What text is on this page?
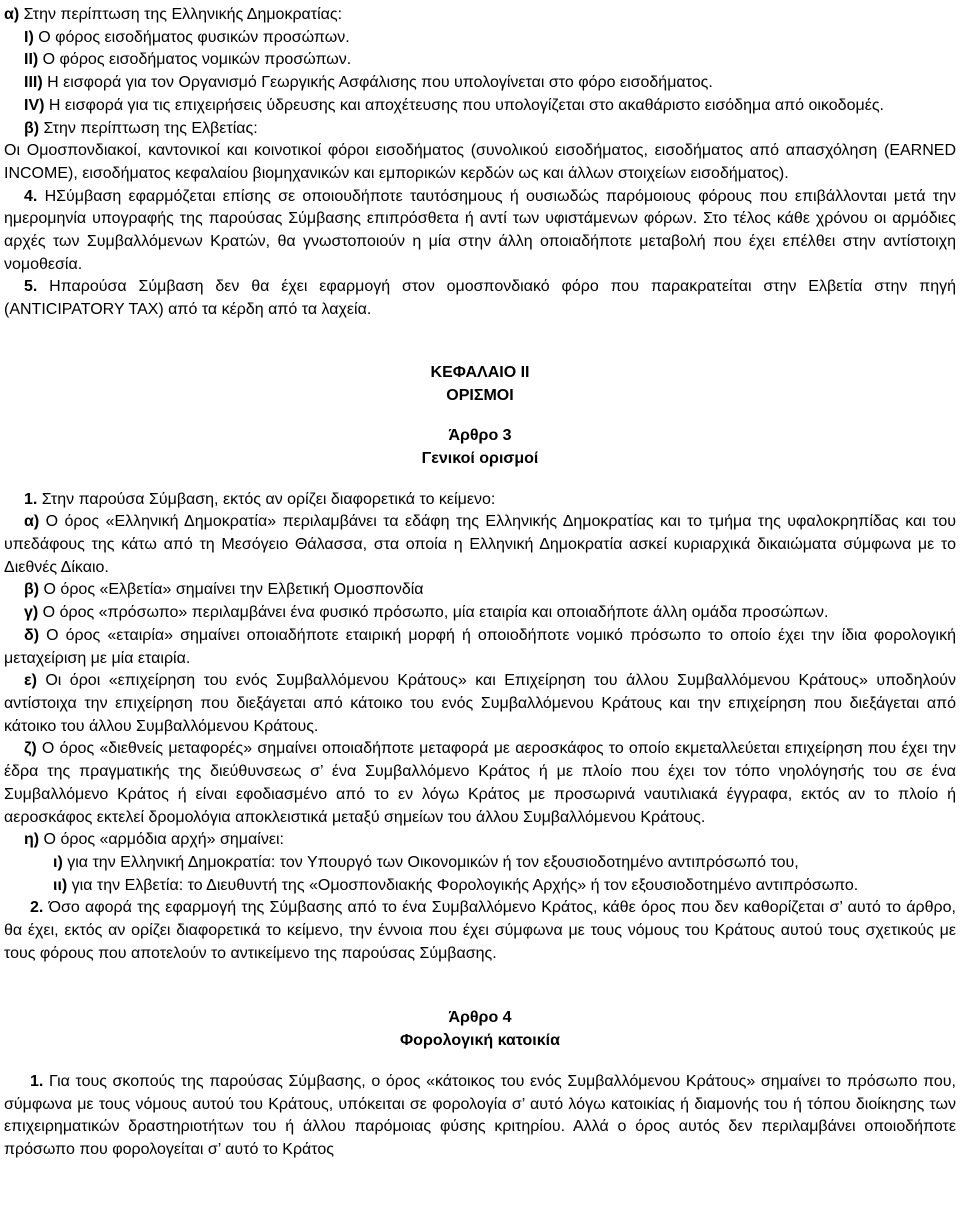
α) Στην περίπτωση της Ελληνικής Δημοκρατίας:

I) Ο φόρος εισοδήματος φυσικών προσώπων.

II) Ο φόρος εισοδήματος νομικών προσώπων.

III) Η εισφορά για τον Οργανισμό Γεωργικής Ασφάλισης που υπολογίνεται στο φόρο εισοδήματος.

IV) Η εισφορά για τις επιχειρήσεις ύδρευσης και αποχέτευσης που υπολογίζεται στο ακαθάριστο εισόδημα από οικοδομές.

β) Στην περίπτωση της Ελβετίας:

Οι Ομοσπονδιακοί, καντονικοί και κοινοτικοί φόροι εισοδήματος (συνολικού εισοδήματος, εισοδήματος από απασχόληση (EARNED INCOME), εισοδήματος κεφαλαίου βιομηχανικών και εμπορικών κερδών ως και άλλων στοιχείων εισοδήματος).

4. ΗΣύμβαση εφαρμόζεται επίσης σε οποιουδήποτε ταυτόσημους ή ουσιωδώς παρόμοιους φόρους που επιβάλλονται μετά την ημερομηνία υπογραφής της παρούσας Σύμβασης επιπρόσθετα ή αντί των υφιστάμενων φόρων. Στο τέλος κάθε χρόνου οι αρμόδιες αρχές των Συμβαλλόμενων Κρατών, θα γνωστοποιούν η μία στην άλλη οποιαδήποτε μεταβολή που έχει επέλθει στην αντίστοιχη νομοθεσία.

5. Ηπαρούσα Σύμβαση δεν θα έχει εφαρμογή στον ομοσπονδιακό φόρο που παρακρατείται στην Ελβετία στην πηγή (ANTICIPATORY TAX) από τα κέρδη από τα λαχεία.

ΚΕΦΑΛΑΙΟ ΙΙ

ΟΡΙΣΜΟΙ

Άρθρο 3

Γενικοί ορισμοί

1. Στην παρούσα Σύμβαση, εκτός αν ορίζει διαφορετικά το κείμενο:

α) Ο όρος «Ελληνική Δημοκρατία» περιλαμβάνει τα εδάφη της Ελληνικής Δημοκρατίας και το τμήμα της υφαλοκρηπίδας και του υπεδάφους της κάτω από τη Μεσόγειο Θάλασσα, στα οποία η Ελληνική Δημοκρατία ασκεί κυριαρχικά δικαιώματα σύμφωνα με το Διεθνές Δίκαιο.

β) Ο όρος «Ελβετία» σημαίνει την Ελβετική Ομοσπονδία

γ) Ο όρος «πρόσωπο» περιλαμβάνει ένα φυσικό πρόσωπο, μία εταιρία και οποιαδήποτε άλλη ομάδα προσώπων.

δ) Ο όρος «εταιρία» σημαίνει οποιαδήποτε εταιρική μορφή ή οποιοδήποτε νομικό πρόσωπο το οποίο έχει την ίδια φορολογική μεταχείριση με μία εταιρία.

ε) Οι όροι «επιχείρηση του ενός Συμβαλλόμενου Κράτους» και Επιχείρηση του άλλου Συμβαλλόμενου Κράτους» υποδηλούν αντίστοιχα την επιχείρηση που διεξάγεται από κάτοικο του ενός Συμβαλλόμενου Κράτους και την επιχείρηση που διεξάγεται από κάτοικο του άλλου Συμβαλλόμενου Κράτους.

ζ) Ο όρος «διεθνείς μεταφορές» σημαίνει οποιαδήποτε μεταφορά με αεροσκάφος το οποίο εκμεταλλεύεται επιχείρηση που έχει την έδρα της πραγματικής της διεύθυνσεως σ’ ένα Συμβαλλόμενο Κράτος ή με πλοίο που έχει τον τόπο νηολόγησής του σε ένα Συμβαλλόμενο Κράτος ή είναι εφοδιασμένο από το εν λόγω Κράτος με προσωρινά ναυτιλιακά έγγραφα, εκτός αν το πλοίο ή αεροσκάφος εκτελεί δρομολόγια αποκλειστικά μεταξύ σημείων του άλλου Συμβαλλόμενου Κράτους.

η) Ο όρος «αρμόδια αρχή» σημαίνει:

ι) για την Ελληνική Δημοκρατία: τον Υπουργό των Οικονομικών ή τον εξουσιοδοτημένο αντιπρόσωπό του,

ιι) για την Ελβετία: το Διευθυντή της «Ομοσπονδιακής Φορολογικής Αρχής» ή τον εξουσιοδοτημένο αντιπρόσωπο.

2. Όσο αφορά της εφαρμογή της Σύμβασης από το ένα Συμβαλλόμενο Κράτος, κάθε όρος που δεν καθορίζεται σ’ αυτό το άρθρο, θα έχει, εκτός αν ορίζει διαφορετικά το κείμενο, την έννοια που έχει σύμφωνα με τους νόμους του Κράτους αυτού τους σχετικούς με τους φόρους που αποτελούν το αντικείμενο της παρούσας Σύμβασης.

Άρθρο 4

Φορολογική κατοικία

1. Για τους σκοπούς της παρούσας Σύμβασης, ο όρος «κάτοικος του ενός Συμβαλλόμενου Κράτους» σημαίνει το πρόσωπο που, σύμφωνα με τους νόμους αυτού του Κράτους, υπόκειται σε φορολογία σ’ αυτό λόγω κατοικίας ή διαμονής του ή τόπου διοίκησης των επιχειρηματικών δραστηριοτήτων του ή άλλου παρόμοιας φύσης κριτηρίου. Αλλά ο όρος αυτός δεν περιλαμβάνει οποιοδήποτε πρόσωπο που φορολογείται σ’ αυτό το Κράτος
